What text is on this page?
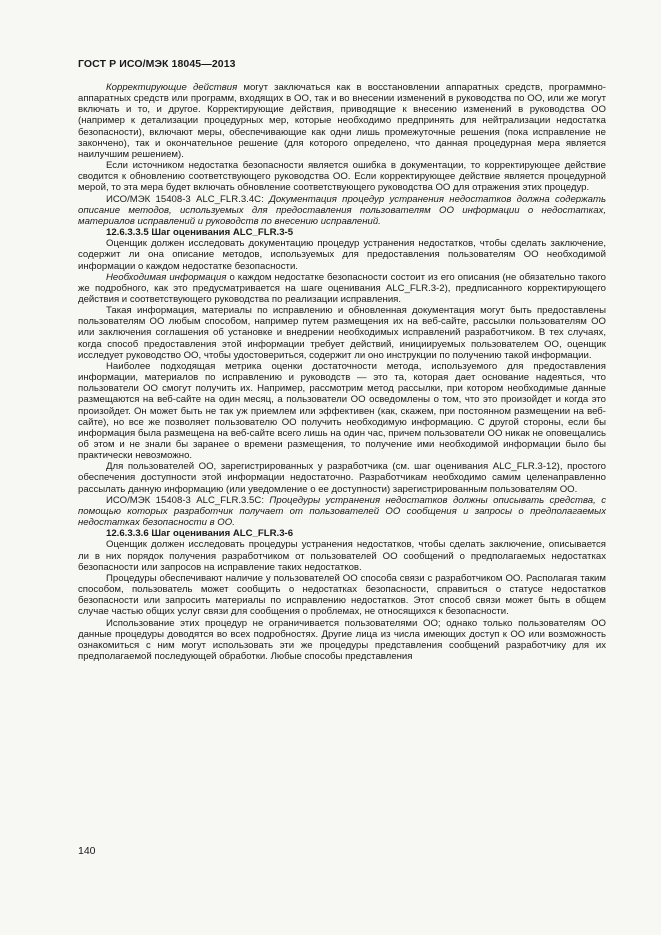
ГОСТ Р ИСО/МЭК 18045—2013

Корректирующие действия могут заключаться как в восстановлении аппаратных средств, программно-аппаратных средств или программ, входящих в ОО, так и во внесении изменений в руководства по ОО, или же могут включать и то, и другое. Корректирующие действия, приводящие к внесению изменений в руководства ОО (например к детализации процедурных мер, которые необходимо предпринять для нейтрализации недостатка безопасности), включают меры, обеспечивающие как одни лишь промежуточные решения (пока исправление не закончено), так и окончательное решение (для которого определено, что данная процедурная мера является наилучшим решением).

Если источником недостатка безопасности является ошибка в документации, то корректирующее действие сводится к обновлению соответствующего руководства ОО. Если корректирующее действие является процедурной мерой, то эта мера будет включать обновление соответствующего руководства ОО для отражения этих процедур.

ИСО/МЭК 15408-3 ALC_FLR.3.4C: Документация процедур устранения недостатков должна содержать описание методов, используемых для предоставления пользователям ОО информации о недостатках, материалов исправлений и руководств по внесению исправлений.

12.6.3.3.5 Шаг оценивания ALC_FLR.3-5

Оценщик должен исследовать документацию процедур устранения недостатков, чтобы сделать заключение, содержит ли она описание методов, используемых для предоставления пользователям ОО необходимой информации о каждом недостатке безопасности.

Необходимая информация о каждом недостатке безопасности состоит из его описания (не обязательно такого же подробного, как это предусматривается на шаге оценивания ALC_FLR.3-2), предписанного корректирующего действия и соответствующего руководства по реализации исправления.

Такая информация, материалы по исправлению и обновленная документация могут быть предоставлены пользователям ОО любым способом, например путем размещения их на веб-сайте, рассылки пользователям ОО или заключения соглашения об установке и внедрении необходимых исправлений разработчиком. В тех случаях, когда способ предоставления этой информации требует действий, инициируемых пользователем ОО, оценщик исследует руководство ОО, чтобы удостовериться, содержит ли оно инструкции по получению такой информации.

Наиболее подходящая метрика оценки достаточности метода, используемого для предоставления информации, материалов по исправлению и руководств — это та, которая дает основание надеяться, что пользователи ОО смогут получить их. Например, рассмотрим метод рассылки, при котором необходимые данные размещаются на веб-сайте на один месяц, а пользователи ОО осведомлены о том, что это произойдет и когда это произойдет. Он может быть не так уж приемлем или эффективен (как, скажем, при постоянном размещении на веб-сайте), но все же позволяет пользователю ОО получить необходимую информацию. С другой стороны, если бы информация была размещена на веб-сайте всего лишь на один час, причем пользователи ОО никак не оповещались об этом и не знали бы заранее о времени размещения, то получение ими необходимой информации было бы практически невозможно.

Для пользователей ОО, зарегистрированных у разработчика (см. шаг оценивания ALC_FLR.3-12), простого обеспечения доступности этой информации недостаточно. Разработчикам необходимо самим целенаправленно рассылать данную информацию (или уведомление о ее доступности) зарегистрированным пользователям ОО.

ИСО/МЭК 15408-3 ALC_FLR.3.5C: Процедуры устранения недостатков должны описывать средства, с помощью которых разработчик получает от пользователей ОО сообщения и запросы о предполагаемых недостатках безопасности в ОО.

12.6.3.3.6 Шаг оценивания ALC_FLR.3-6

Оценщик должен исследовать процедуры устранения недостатков, чтобы сделать заключение, описывается ли в них порядок получения разработчиком от пользователей ОО сообщений о предполагаемых недостатках безопасности или запросов на исправление таких недостатков.

Процедуры обеспечивают наличие у пользователей ОО способа связи с разработчиком ОО. Располагая таким способом, пользователь может сообщить о недостатках безопасности, справиться о статусе недостатков безопасности или запросить материалы по исправлению недостатков. Этот способ связи может быть в общем случае частью общих услуг связи для сообщения о проблемах, не относящихся к безопасности.

Использование этих процедур не ограничивается пользователями ОО; однако только пользователям ОО данные процедуры доводятся во всех подробностях. Другие лица из числа имеющих доступ к ОО или возможность ознакомиться с ним могут использовать эти же процедуры представления сообщений разработчику для их предполагаемой последующей обработки. Любые способы представления

140
